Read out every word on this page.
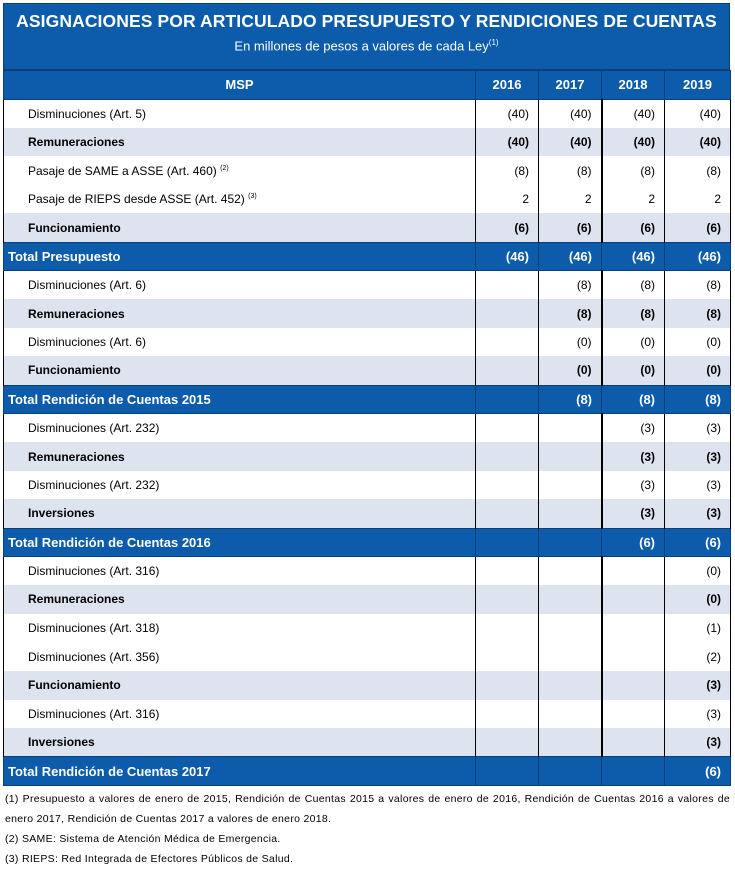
ASIGNACIONES POR ARTICULADO PRESUPUESTO Y RENDICIONES DE CUENTAS
En millones de pesos a valores de cada Ley$^{(1)}$
MSP	2016	2017	2018	2019
Disminuciones (Art. 5)	(40)	(40)	(40)	(40)
Remuneraciones	(40)	(40)	(40)	(40)
Pasaje de SAME a ASSE (Art. 460) $^{(2)}$	(8)	(8)	(8)	(8)
Pasaje de RIEPS desde ASSE (Art. 452) $^{(3)}$	2	2	2	2
Funcionamiento	(6)	(6)	(6)	(6)
Total Presupuesto	(46)	(46)	(46)	(46)
Disminuciones (Art. 6)		(8)	(8)	(8)
Remuneraciones		(8)	(8)	(8)
Disminuciones (Art. 6)		(0)	(0)	(0)
Funcionamiento		(0)	(0)	(0)
Total Rendición de Cuentas 2015		(8)	(8)	(8)
Disminuciones (Art. 232)			(3)	(3)
Remuneraciones			(3)	(3)
Disminuciones (Art. 232)			(3)	(3)
Inversiones			(3)	(3)
Total Rendición de Cuentas 2016			(6)	(6)
Disminuciones (Art. 316)				(0)
Remuneraciones				(0)
Disminuciones (Art. 318)				(1)
Disminuciones (Art. 356)				(2)
Funcionamiento				(3)
Disminuciones (Art. 316)				(3)
Inversiones				(3)
Total Rendición de Cuentas 2017				(6)

(1) Presupuesto a valores de enero de 2015, Rendición de Cuentas 2015 a valores de enero de 2016, Rendición de Cuentas 2016 a valores de enero 2017, Rendición de Cuentas 2017 a valores de enero 2018.

(2) SAME: Sistema de Atención Médica de Emergencia.

(3) RIEPS: Red Integrada de Efectores Públicos de Salud.
